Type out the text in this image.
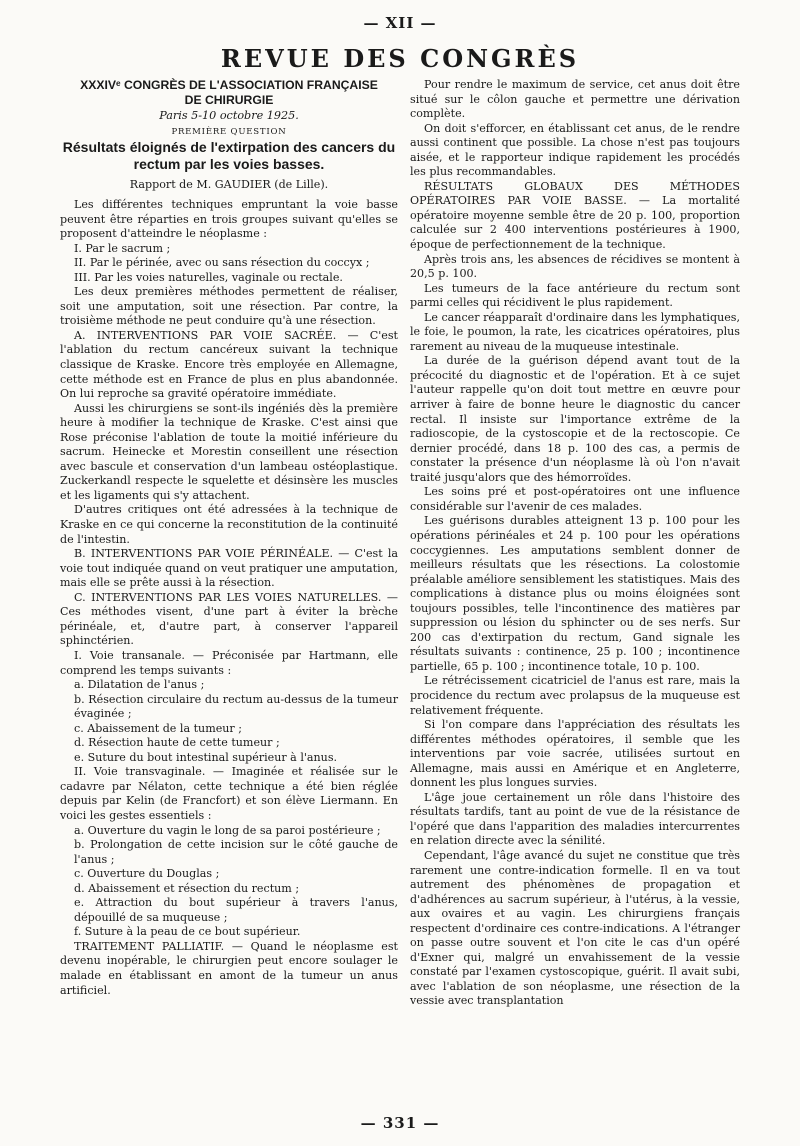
— XII —
REVUE DES CONGRÈS

XXXIVᵉ CONGRÈS DE L'ASSOCIATION FRANÇAISE

DE CHIRURGIE

Paris 5-10 octobre 1925.

PREMIÈRE QUESTION

Résultats éloignés de l'extirpation des cancers du rectum par les voies basses.

Rapport de M. GAUDIER (de Lille).

Les différentes techniques empruntant la voie basse peuvent être réparties en trois groupes suivant qu'elles se proposent d'atteindre le néoplasme :

I. Par le sacrum ;

II. Par le périnée, avec ou sans résection du coccyx ;

III. Par les voies naturelles, vaginale ou rectale.

Les deux premières méthodes permettent de réaliser, soit une amputation, soit une résection. Par contre, la troisième méthode ne peut conduire qu'à une résection.

A. INTERVENTIONS PAR VOIE SACRÉE. — C'est l'ablation du rectum cancéreux suivant la technique classique de Kraske. Encore très employée en Allemagne, cette méthode est en France de plus en plus abandonnée. On lui reproche sa gravité opératoire immédiate.

Aussi les chirurgiens se sont-ils ingéniés dès la première heure à modifier la technique de Kraske. C'est ainsi que Rose préconise l'ablation de toute la moitié inférieure du sacrum. Heinecke et Morestin conseillent une résection avec bascule et conservation d'un lambeau ostéoplastique. Zuckerkandl respecte le squelette et désinsère les muscles et les ligaments qui s'y attachent.

D'autres critiques ont été adressées à la technique de Kraske en ce qui concerne la reconstitution de la continuité de l'intestin.

B. INTERVENTIONS PAR VOIE PÉRINÉALE. — C'est la voie tout indiquée quand on veut pratiquer une amputation, mais elle se prête aussi à la résection.

C. INTERVENTIONS PAR LES VOIES NATURELLES. — Ces méthodes visent, d'une part à éviter la brèche périnéale, et, d'autre part, à conserver l'appareil sphinctérien.

I. Voie transanale. — Préconisée par Hartmann, elle comprend les temps suivants :

a. Dilatation de l'anus ;

b. Résection circulaire du rectum au-dessus de la tumeur évaginée ;

c. Abaissement de la tumeur ;

d. Résection haute de cette tumeur ;

e. Suture du bout intestinal supérieur à l'anus.

II. Voie transvaginale. — Imaginée et réalisée sur le cadavre par Nélaton, cette technique a été bien réglée depuis par Kelin (de Francfort) et son élève Liermann. En voici les gestes essentiels :

a. Ouverture du vagin le long de sa paroi postérieure ;

b. Prolongation de cette incision sur le côté gauche de l'anus ;

c. Ouverture du Douglas ;

d. Abaissement et résection du rectum ;

e. Attraction du bout supérieur à travers l'anus, dépouillé de sa muqueuse ;

f. Suture à la peau de ce bout supérieur.

TRAITEMENT PALLIATIF. — Quand le néoplasme est devenu inopérable, le chirurgien peut encore soulager le malade en établissant en amont de la tumeur un anus artificiel.

Pour rendre le maximum de service, cet anus doit être situé sur le côlon gauche et permettre une dérivation complète.

On doit s'efforcer, en établissant cet anus, de le rendre aussi continent que possible. La chose n'est pas toujours aisée, et le rapporteur indique rapidement les procédés les plus recommandables.

RÉSULTATS GLOBAUX DES MÉTHODES OPÉRATOIRES PAR VOIE BASSE. — La mortalité opératoire moyenne semble être de 20 p. 100, proportion calculée sur 2 400 interventions postérieures à 1900, époque de perfectionnement de la technique.

Après trois ans, les absences de récidives se montent à 20,5 p. 100.

Les tumeurs de la face antérieure du rectum sont parmi celles qui récidivent le plus rapidement.

Le cancer réapparaît d'ordinaire dans les lymphatiques, le foie, le poumon, la rate, les cicatrices opératoires, plus rarement au niveau de la muqueuse intestinale.

La durée de la guérison dépend avant tout de la précocité du diagnostic et de l'opération. Et à ce sujet l'auteur rappelle qu'on doit tout mettre en œuvre pour arriver à faire de bonne heure le diagnostic du cancer rectal. Il insiste sur l'importance extrême de la radioscopie, de la cystoscopie et de la rectoscopie. Ce dernier procédé, dans 18 p. 100 des cas, a permis de constater la présence d'un néoplasme là où l'on n'avait traité jusqu'alors que des hémorroïdes.

Les soins pré et post-opératoires ont une influence considérable sur l'avenir de ces malades.

Les guérisons durables atteignent 13 p. 100 pour les opérations périnéales et 24 p. 100 pour les opérations coccygiennes. Les amputations semblent donner de meilleurs résultats que les résections. La colostomie préalable améliore sensiblement les statistiques. Mais des complications à distance plus ou moins éloignées sont toujours possibles, telle l'incontinence des matières par suppression ou lésion du sphincter ou de ses nerfs. Sur 200 cas d'extirpation du rectum, Gand signale les résultats suivants : continence, 25 p. 100 ; incontinence partielle, 65 p. 100 ; incontinence totale, 10 p. 100.

Le rétrécissement cicatriciel de l'anus est rare, mais la procidence du rectum avec prolapsus de la muqueuse est relativement fréquente.

Si l'on compare dans l'appréciation des résultats les différentes méthodes opératoires, il semble que les interventions par voie sacrée, utilisées surtout en Allemagne, mais aussi en Amérique et en Angleterre, donnent les plus longues survies.

L'âge joue certainement un rôle dans l'histoire des résultats tardifs, tant au point de vue de la résistance de l'opéré que dans l'apparition des maladies intercurrentes en relation directe avec la sénilité.

Cependant, l'âge avancé du sujet ne constitue que très rarement une contre-indication formelle. Il en va tout autrement des phénomènes de propagation et d'adhérences au sacrum supérieur, à l'utérus, à la vessie, aux ovaires et au vagin. Les chirurgiens français respectent d'ordinaire ces contre-indications. A l'étranger on passe outre souvent et l'on cite le cas d'un opéré d'Exner qui, malgré un envahissement de la vessie constaté par l'examen cystoscopique, guérit. Il avait subi, avec l'ablation de son néoplasme, une résection de la vessie avec transplantation

— 331 —
